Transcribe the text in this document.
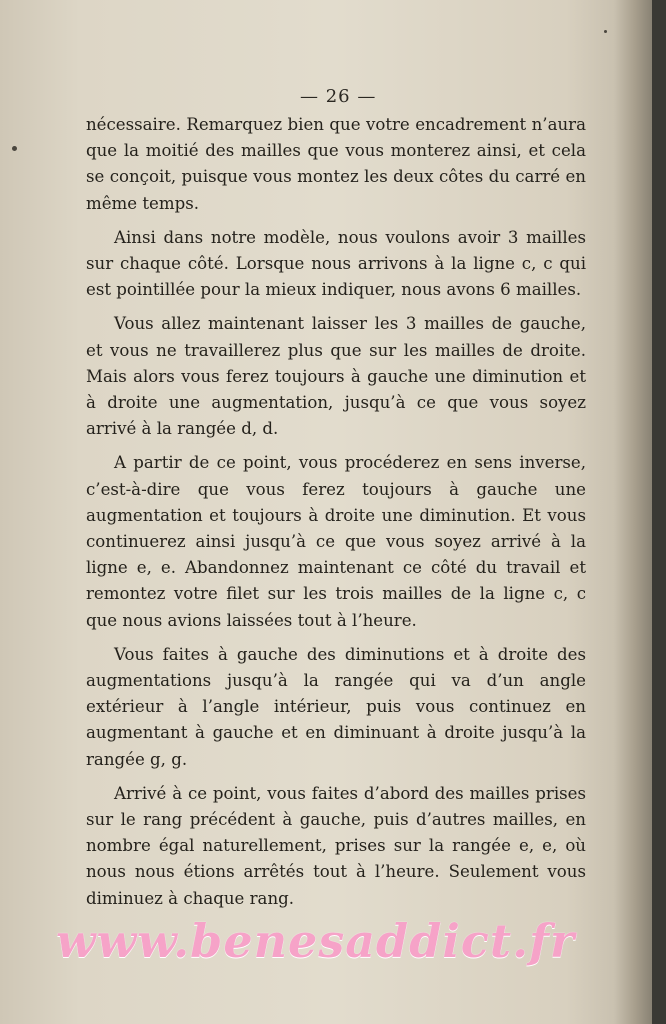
— 26 —

nécessaire. Remarquez bien que votre encadrement n’aura que la moitié des mailles que vous monterez ainsi, et cela se conçoit, puisque vous montez les deux côtes du carré en même temps.

Ainsi dans notre modèle, nous voulons avoir 3 mailles sur chaque côté. Lorsque nous arrivons à la ligne c, c qui est pointillée pour la mieux indiquer, nous avons 6 mailles.

Vous allez maintenant laisser les 3 mailles de gauche, et vous ne travaillerez plus que sur les mailles de droite. Mais alors vous ferez toujours à gauche une diminution et à droite une augmentation, jusqu’à ce que vous soyez arrivé à la rangée d, d.

A partir de ce point, vous procéderez en sens inverse, c’est-à-dire que vous ferez toujours à gauche une augmentation et toujours à droite une diminution. Et vous continuerez ainsi jusqu’à ce que vous soyez arrivé à la ligne e, e. Abandonnez maintenant ce côté du travail et remontez votre filet sur les trois mailles de la ligne c, c que nous avions laissées tout à l’heure.

Vous faites à gauche des diminutions et à droite des augmentations jusqu’à la rangée qui va d’un angle extérieur à l’angle intérieur, puis vous continuez en augmentant à gauche et en diminuant à droite jusqu’à la rangée g, g.

Arrivé à ce point, vous faites d’abord des mailles prises sur le rang précédent à gauche, puis d’autres mailles, en nombre égal naturellement, prises sur la rangée e, e, où nous nous étions arrêtés tout à l’heure. Seulement vous diminuez à chaque rang.

www.benesaddict.fr
